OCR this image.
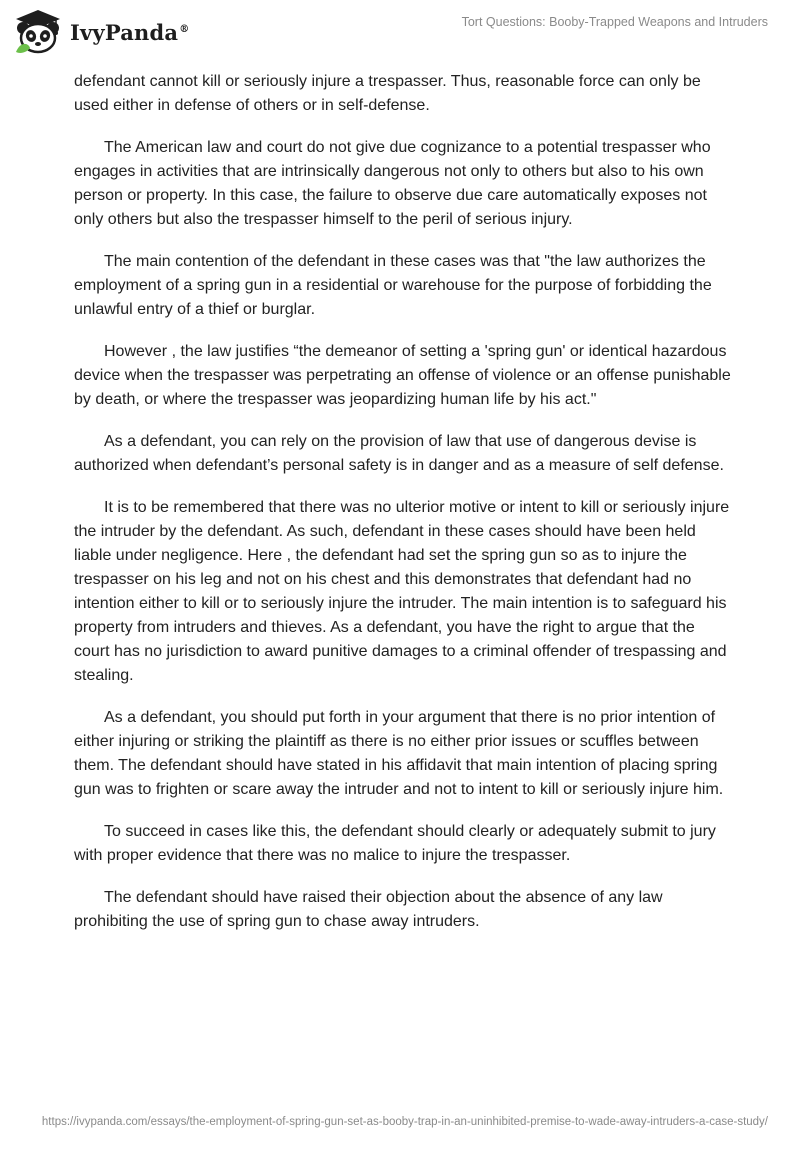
IvyPanda®	Tort Questions: Booby-Trapped Weapons and Intruders

defendant cannot kill or seriously injure a trespasser. Thus, reasonable force can only be used either in defense of others or in self-defense.

The American law and court do not give due cognizance to a potential trespasser who engages in activities that are intrinsically dangerous not only to others but also to his own person or property. In this case, the failure to observe due care automatically exposes not only others but also the trespasser himself to the peril of serious injury.

The main contention of the defendant in these cases was that "the law authorizes the employment of a spring gun in a residential or warehouse for the purpose of forbidding the unlawful entry of a thief or burglar.

However , the law justifies “the demeanor of setting a 'spring gun' or identical hazardous device when the trespasser was perpetrating an offense of violence or an offense punishable by death, or where the trespasser was jeopardizing human life by his act."

As a defendant, you can rely on the provision of law that use of dangerous devise is authorized when defendant’s personal safety is in danger and as a measure of self defense.

It is to be remembered that there was no ulterior motive or intent to kill or seriously injure the intruder by the defendant. As such, defendant in these cases should have been held liable under negligence. Here , the defendant had set the spring gun so as to injure the trespasser on his leg and not on his chest and this demonstrates that defendant had no intention either to kill or to seriously injure the intruder. The main intention is to safeguard his property from intruders and thieves. As a defendant, you have the right to argue that the court has no jurisdiction to award punitive damages to a criminal offender of trespassing and stealing.

As a defendant, you should put forth in your argument that there is no prior intention of either injuring or striking the plaintiff as there is no either prior issues or scuffles between them. The defendant should have stated in his affidavit that main intention of placing spring gun was to frighten or scare away the intruder and not to intent to kill or seriously injure him.

To succeed in cases like this, the defendant should clearly or adequately submit to jury with proper evidence that there was no malice to injure the trespasser.

The defendant should have raised their objection about the absence of any law prohibiting the use of spring gun to chase away intruders.

https://ivypanda.com/essays/the-employment-of-spring-gun-set-as-booby-trap-in-an-uninhibited-premise-to-wade-away-intruders-a-case-study/
